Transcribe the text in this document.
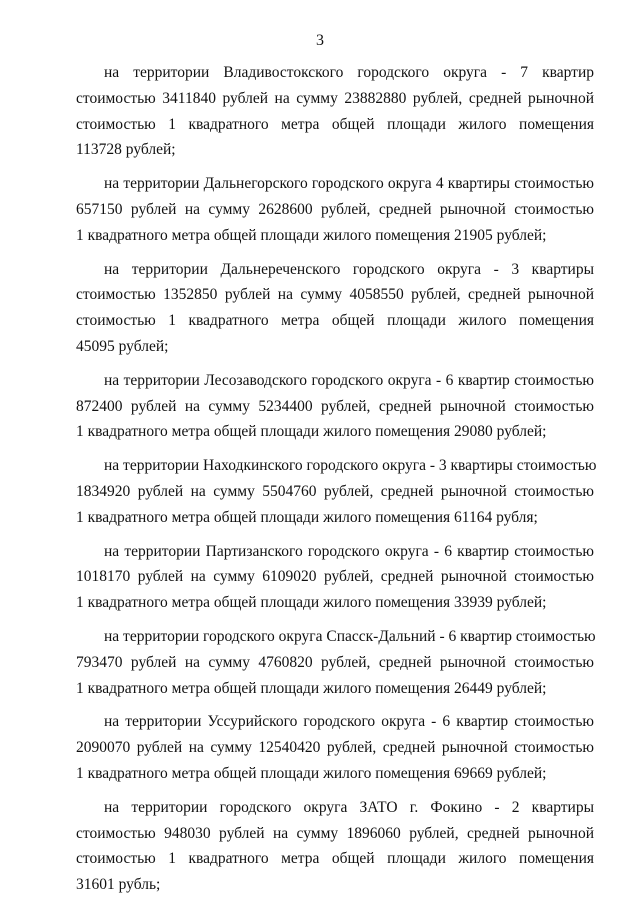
3

на территории Владивостокского городского округа - 7 квартир
стоимостью 3411840 рублей на сумму 23882880 рублей, средней рыночной
стоимостью 1 квадратного метра общей площади жилого помещения
113728 рублей;

на территории Дальнегорского городского округа 4 квартиры стоимостью
657150 рублей на сумму 2628600 рублей, средней рыночной стоимостью
1 квадратного метра общей площади жилого помещения 21905 рублей;

на территории Дальнереченского городского округа - 3 квартиры
стоимостью 1352850 рублей на сумму 4058550 рублей, средней рыночной
стоимостью 1 квадратного метра общей площади жилого помещения
45095 рублей;

на территории Лесозаводского городского округа - 6 квартир стоимостью
872400 рублей на сумму 5234400 рублей, средней рыночной стоимостью
1 квадратного метра общей площади жилого помещения 29080 рублей;

на территории Находкинского городского округа - 3 квартиры стоимостью
1834920 рублей на сумму 5504760 рублей, средней рыночной стоимостью
1 квадратного метра общей площади жилого помещения 61164 рубля;

на территории Партизанского городского округа - 6 квартир стоимостью
1018170 рублей на сумму 6109020 рублей, средней рыночной стоимостью
1 квадратного метра общей площади жилого помещения 33939 рублей;

на территории городского округа Спасск-Дальний - 6 квартир стоимостью
793470 рублей на сумму 4760820 рублей, средней рыночной стоимостью
1 квадратного метра общей площади жилого помещения 26449 рублей;

на территории Уссурийского городского округа - 6 квартир стоимостью
2090070 рублей на сумму 12540420 рублей, средней рыночной стоимостью
1 квадратного метра общей площади жилого помещения 69669 рублей;

на территории городского округа ЗАТО г. Фокино - 2 квартиры
стоимостью 948030 рублей на сумму 1896060 рублей, средней рыночной
стоимостью 1 квадратного метра общей площади жилого помещения
31601 рубль;
